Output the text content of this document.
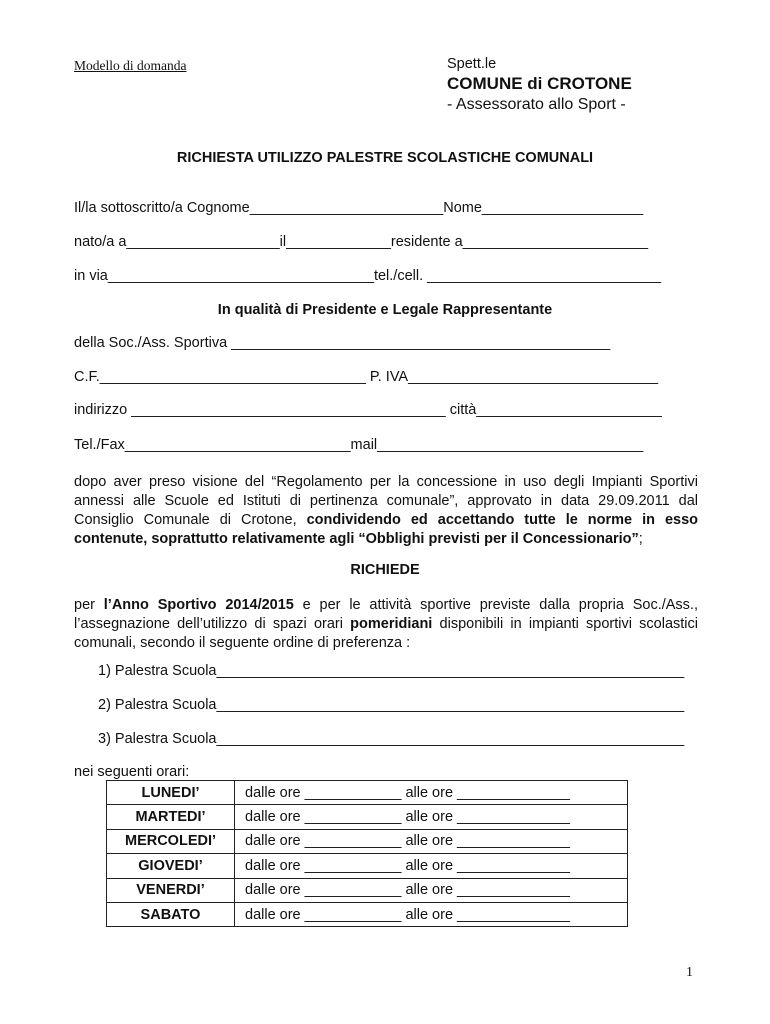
Modello di domanda	Spett.le
COMUNE di CROTONE
- Assessorato allo Sport -
RICHIESTA UTILIZZO PALESTRE SCOLASTICHE COMUNALI
Il/la sottoscritto/a Cognome________________________Nome____________________
nato/a a___________________il_____________residente a_______________________
in via_________________________________tel./cell. _____________________________
In qualità di Presidente e Legale Rappresentante
della Soc./Ass. Sportiva _______________________________________________
C.F._________________________________ P. IVA_______________________________
indirizzo _______________________________________ città_______________________
Tel./Fax____________________________mail_________________________________
dopo aver preso visione del “Regolamento per la concessione in uso degli Impianti Sportivi annessi alle Scuole ed Istituti di pertinenza comunale”, approvato in data 29.09.2011 dal Consiglio Comunale di Crotone, condividendo ed accettando tutte le norme in esso contenute, soprattutto relativamente agli “Obblighi previsti per il Concessionario”;
RICHIEDE
per l’Anno Sportivo 2014/2015 e per le attività sportive previste dalla propria Soc./Ass., l’assegnazione dell’utilizzo di spazi orari pomeridiani disponibili in impianti sportivi scolastici comunali, secondo il seguente ordine di preferenza :
1) Palestra Scuola__________________________________________________________
2) Palestra Scuola__________________________________________________________
3) Palestra Scuola__________________________________________________________
nei seguenti orari:
LUNEDI’	dalle ore ____________ alle ore ______________
MARTEDI’	dalle ore ____________ alle ore ______________
MERCOLEDI’	dalle ore ____________ alle ore ______________
GIOVEDI’	dalle ore ____________ alle ore ______________
VENERDI’	dalle ore ____________ alle ore ______________
SABATO	dalle ore ____________ alle ore ______________
1
